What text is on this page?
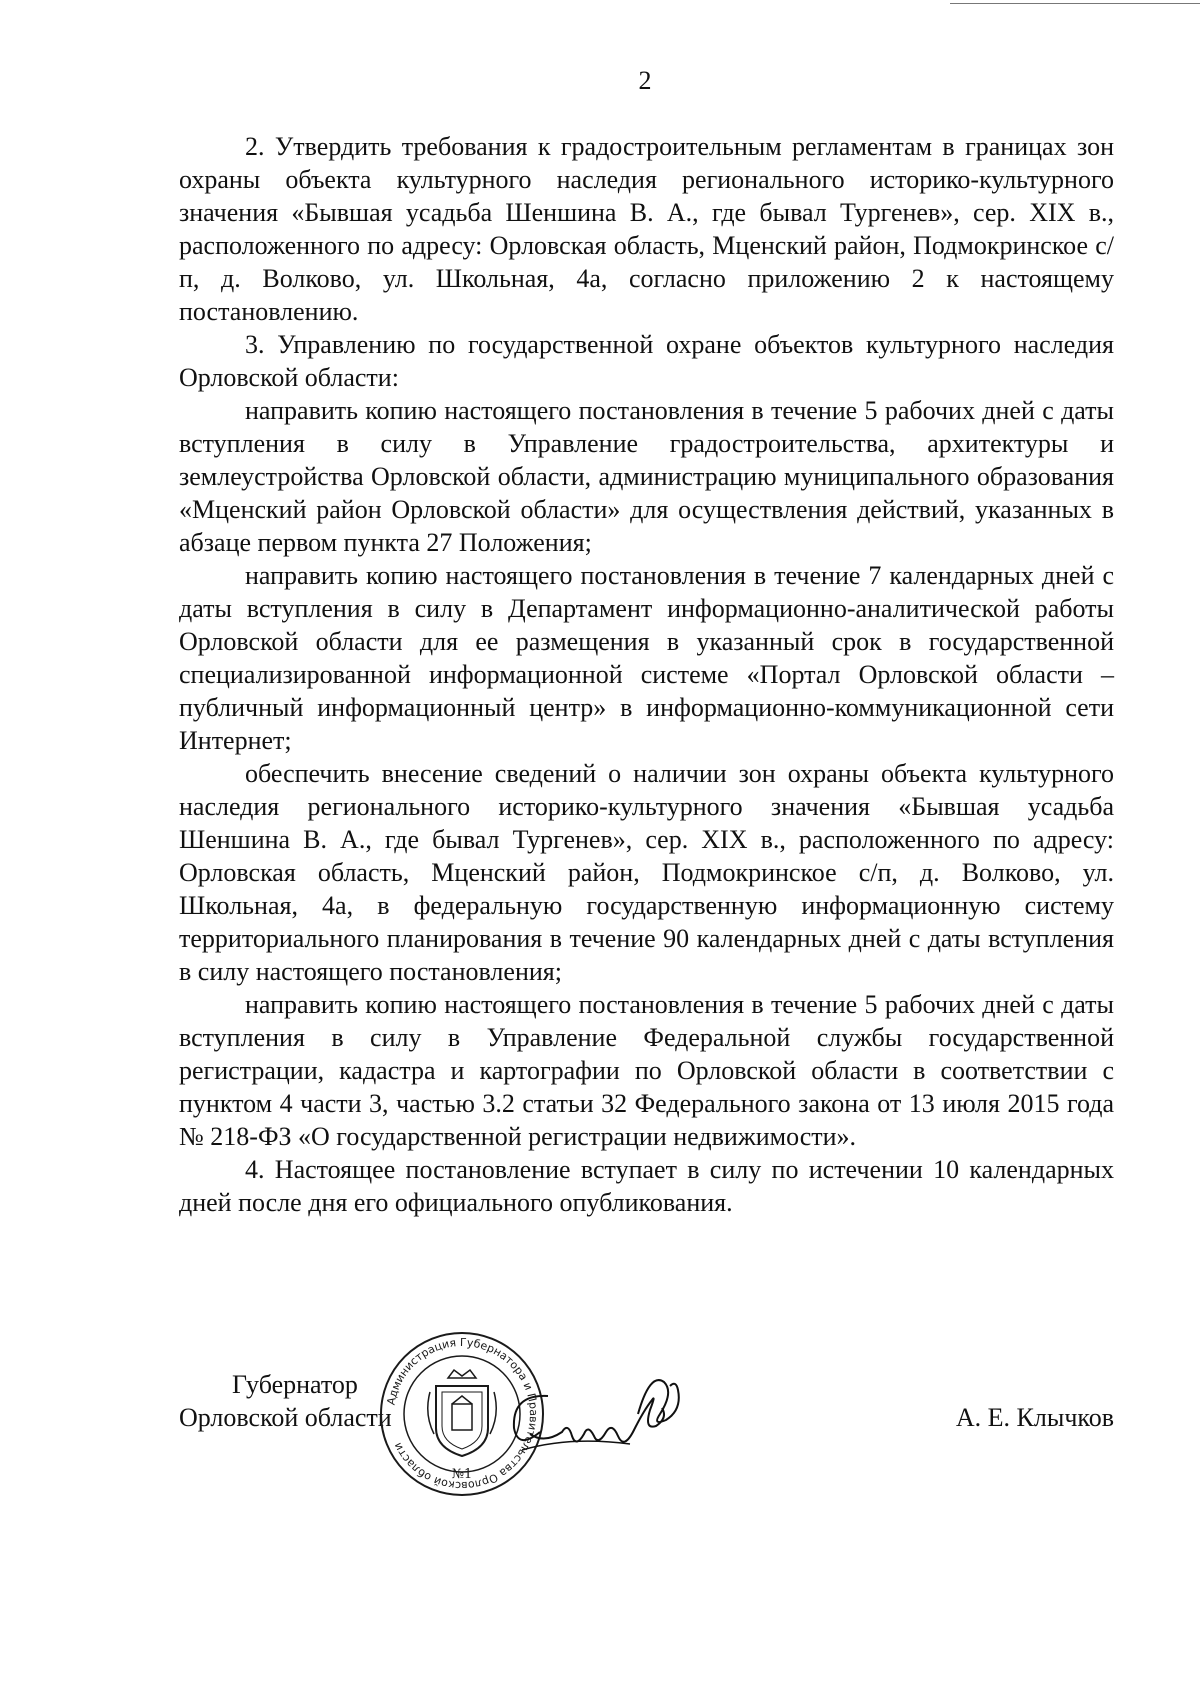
2

2. Утвердить требования к градостроительным регламентам в границах зон охраны объекта культурного наследия регионального историко-культурного значения «Бывшая усадьба Шеншина В. А., где бывал Тургенев», сер. XIX в., расположенного по адресу: Орловская область, Мценский район, Подмокринское с/п, д. Волково, ул. Школьная, 4а, согласно приложению 2 к настоящему постановлению.

3. Управлению по государственной охране объектов культурного наследия Орловской области:

направить копию настоящего постановления в течение 5 рабочих дней с даты вступления в силу в Управление градостроительства, архитектуры и землеустройства Орловской области, администрацию муниципального образования «Мценский район Орловской области» для осуществления действий, указанных в абзаце первом пункта 27 Положения;

направить копию настоящего постановления в течение 7 календарных дней с даты вступления в силу в Департамент информационно-аналитической работы Орловской области для ее размещения в указанный срок в государственной специализированной информационной системе «Портал Орловской области – публичный информационный центр» в информационно-коммуникационной сети Интернет;

обеспечить внесение сведений о наличии зон охраны объекта культурного наследия регионального историко-культурного значения «Бывшая усадьба Шеншина В. А., где бывал Тургенев», сер. XIX в., расположенного по адресу: Орловская область, Мценский район, Подмокринское с/п, д. Волково, ул. Школьная, 4а, в федеральную государственную информационную систему территориального планирования в течение 90 календарных дней с даты вступления в силу настоящего постановления;

направить копию настоящего постановления в течение 5 рабочих дней с даты вступления в силу в Управление Федеральной службы государственной регистрации, кадастра и картографии по Орловской области в соответствии с пунктом 4 части 3, частью 3.2 статьи 32 Федерального закона от 13 июля 2015 года № 218-ФЗ «О государственной регистрации недвижимости».

4. Настоящее постановление вступает в силу по истечении 10 календарных дней после дня его официального опубликования.

Губернатор
Орловской области
Администрация Губернатора и Правительства Орловской области
№1
А. Е. Клычков
